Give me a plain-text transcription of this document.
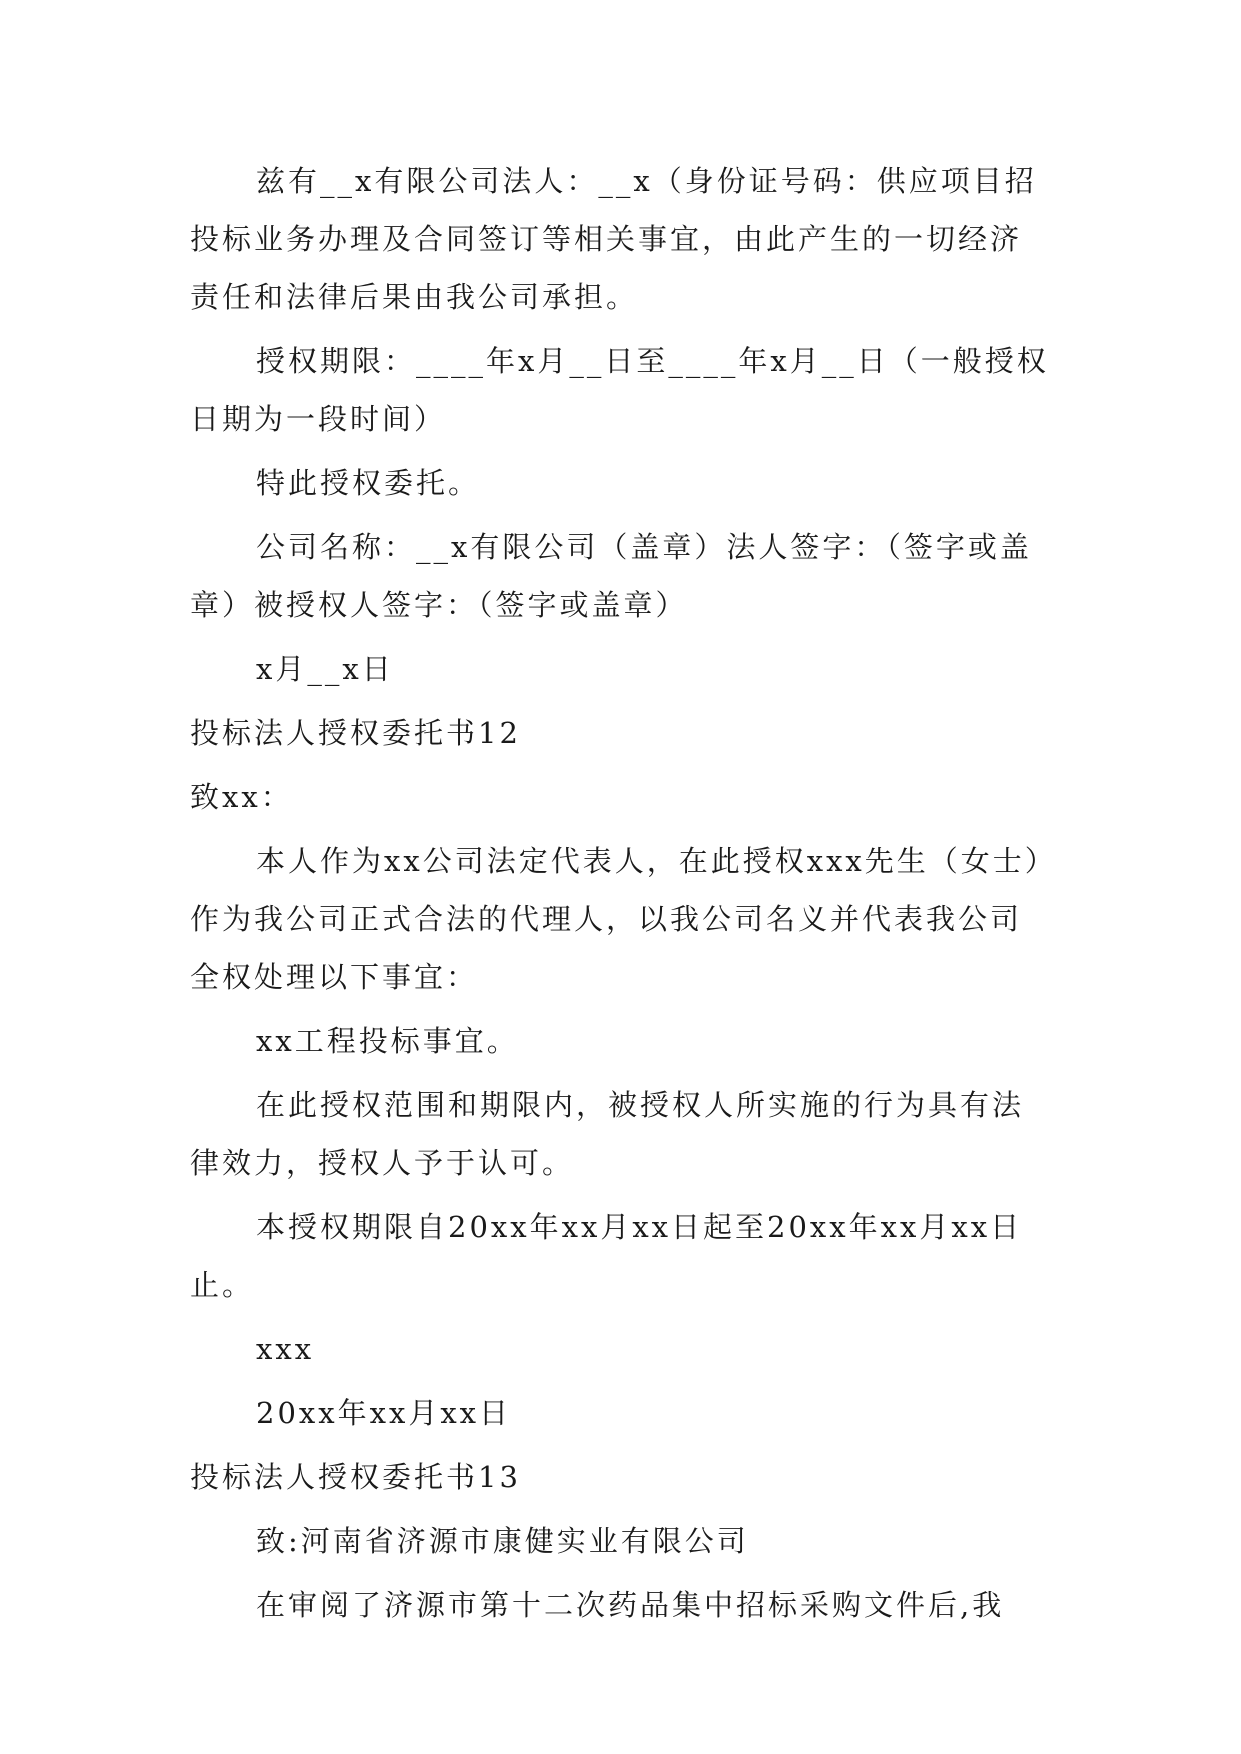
兹有__x有限公司法人：__x（身份证号码：供应项目招投标业务办理及合同签订等相关事宜，由此产生的一切经济责任和法律后果由我公司承担。

授权期限：____年x月__日至____年x月__日（一般授权日期为一段时间）

特此授权委托。

公司名称：__x有限公司（盖章）法人签字：（签字或盖章）被授权人签字：（签字或盖章）

x月__x日

投标法人授权委托书12

致xx：

本人作为xx公司法定代表人，在此授权xxx先生（女士）作为我公司正式合法的代理人，以我公司名义并代表我公司全权处理以下事宜：

xx工程投标事宜。

在此授权范围和期限内，被授权人所实施的行为具有法律效力，授权人予于认可。

本授权期限自20xx年xx月xx日起至20xx年xx月xx日止。

xxx

20xx年xx月xx日

投标法人授权委托书13

致:河南省济源市康健实业有限公司

在审阅了济源市第十二次药品集中招标采购文件后,我
